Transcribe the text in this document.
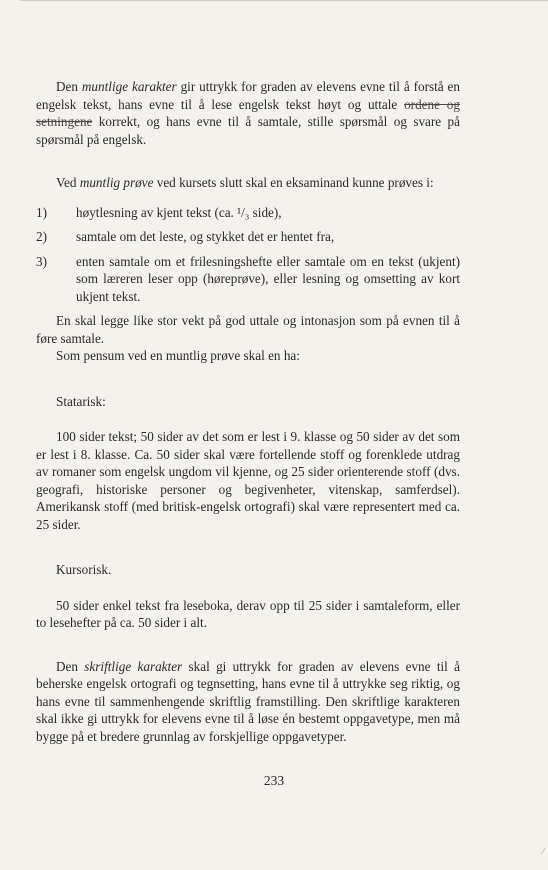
Den muntlige karakter gir uttrykk for graden av elevens evne til å forstå en engelsk tekst, hans evne til å lese engelsk tekst høyt og uttale ordene og setningene korrekt, og hans evne til å samtale, stille spørsmål og svare på spørsmål på engelsk.

Ved muntlig prøve ved kursets slutt skal en eksaminand kunne prøves i:

1)	høytlesning av kjent tekst (ca. ¹/₃ side),
2)	samtale om det leste, og stykket det er hentet fra,
3)	enten samtale om et frilesningshefte eller samtale om en tekst (ukjent) som læreren leser opp (hørеprøve), eller lesning og omsetting av kort ukjent tekst.

En skal legge like stor vekt på god uttale og intonasjon som på evnen til å føre samtale.

Som pensum ved en muntlig prøve skal en ha:

Statarisk:

100 sider tekst; 50 sider av det som er lest i 9. klasse og 50 sider av det som er lest i 8. klasse. Ca. 50 sider skal være fortellende stoff og forenklede utdrag av romaner som engelsk ungdom vil kjenne, og 25 sider orienterende stoff (dvs. geografi, historiske personer og begivenheter, vitenskap, samferdsel). Amerikansk stoff (med britisk-engelsk ortografi) skal være representert med ca. 25 sider.

Kursorisk.

50 sider enkel tekst fra leseboka, derav opp til 25 sider i samtaleform, eller to lesehefter på ca. 50 sider i alt.

Den skriftlige karakter skal gi uttrykk for graden av elevens evne til å beherske engelsk ortografi og tegnsetting, hans evne til å uttrykke seg riktig, og hans evne til sammenhengende skriftlig framstilling. Den skriftlige karakteren skal ikke gi uttrykk for elevens evne til å løse én bestemt oppgavetype, men må bygge på et bredere grunnlag av forskjellige oppgavetyper.

233
⁄
